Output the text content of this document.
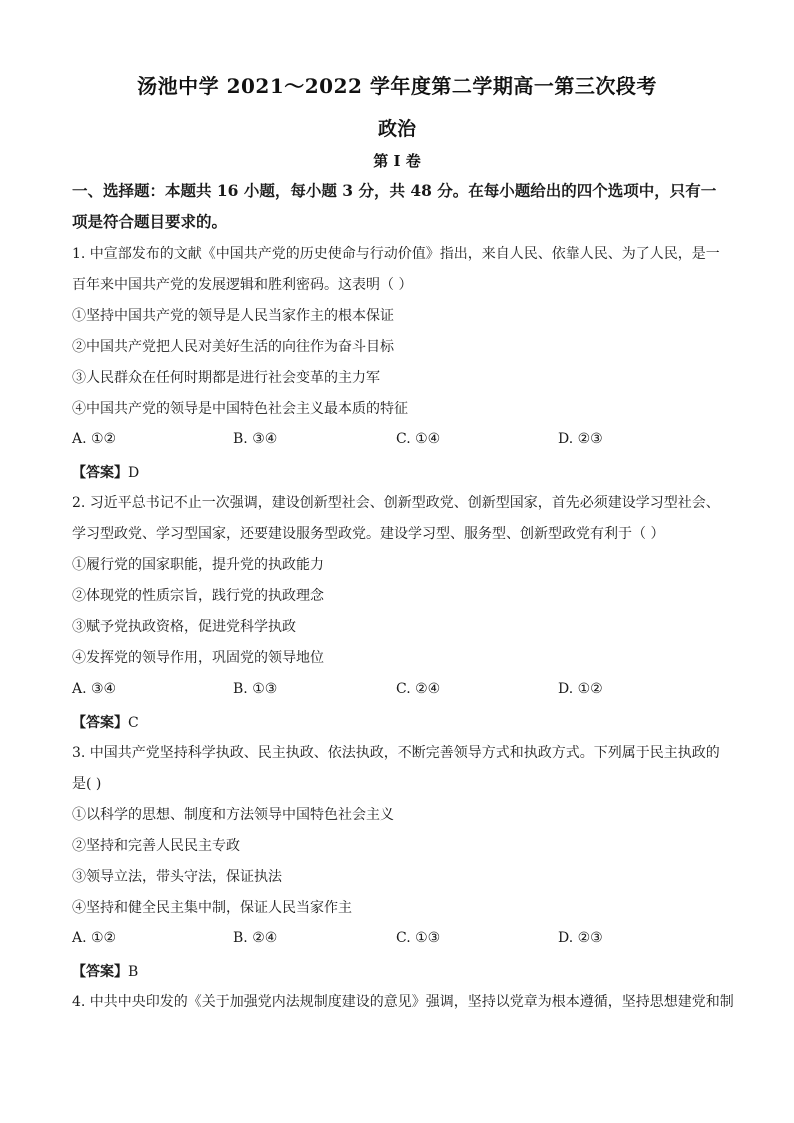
汤池中学 2021～2022 学年度第二学期高一第三次段考
政治
第 I 卷
一、选择题：本题共 16 小题，每小题 3 分，共 48 分。在每小题给出的四个选项中，只有一
项是符合题目要求的。
1. 中宣部发布的文献《中国共产党的历史使命与行动价值》指出，来自人民、依靠人民、为了人民，是一
百年来中国共产党的发展逻辑和胜利密码。这表明（ ）
①坚持中国共产党的领导是人民当家作主的根本保证
②中国共产党把人民对美好生活的向往作为奋斗目标
③人民群众在任何时期都是进行社会变革的主力军
④中国共产党的领导是中国特色社会主义最本质的特征
A. ①②	B. ③④	C. ①④	D. ②③
【答案】D
2. 习近平总书记不止一次强调，建设创新型社会、创新型政党、创新型国家，首先必须建设学习型社会、
学习型政党、学习型国家，还要建设服务型政党。建设学习型、服务型、创新型政党有利于（ ）
①履行党的国家职能，提升党的执政能力
②体现党的性质宗旨，践行党的执政理念
③赋予党执政资格，促进党科学执政
④发挥党的领导作用，巩固党的领导地位
A. ③④	B. ①③	C. ②④	D. ①②
【答案】C
3. 中国共产党坚持科学执政、民主执政、依法执政，不断完善领导方式和执政方式。下列属于民主执政的
是( )
①以科学的思想、制度和方法领导中国特色社会主义
②坚持和完善人民民主专政
③领导立法，带头守法，保证执法
④坚持和健全民主集中制，保证人民当家作主
A. ①②	B. ②④	C. ①③	D. ②③
【答案】B
4. 中共中央印发的《关于加强党内法规制度建设的意见》强调，坚持以党章为根本遵循，坚持思想建党和制
